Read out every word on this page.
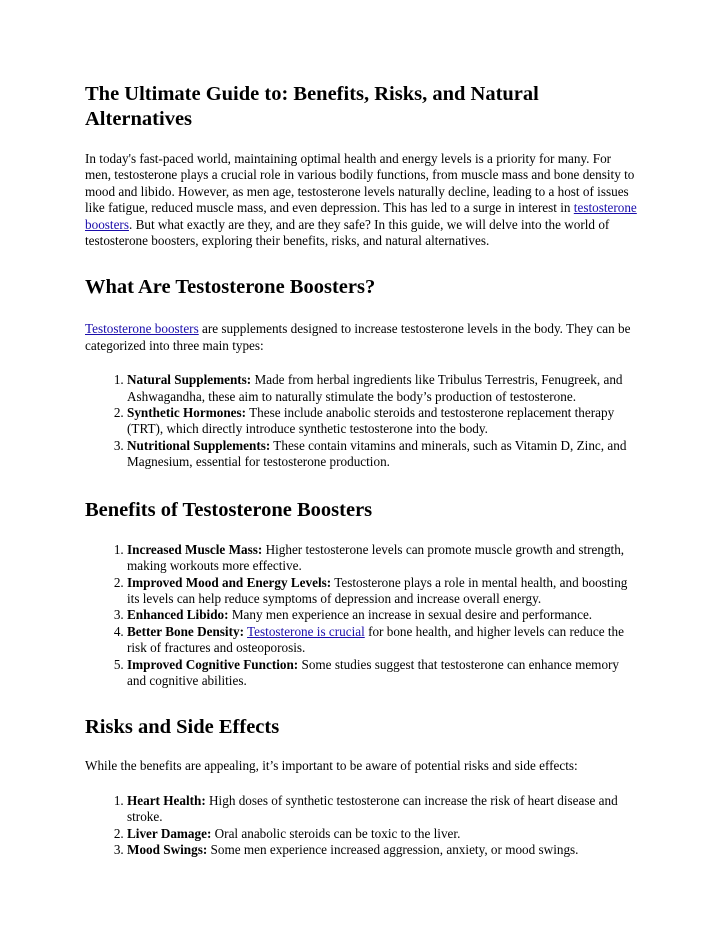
The Ultimate Guide to: Benefits, Risks, and Natural Alternatives

In today's fast-paced world, maintaining optimal health and energy levels is a priority for many. For men, testosterone plays a crucial role in various bodily functions, from muscle mass and bone density to mood and libido. However, as men age, testosterone levels naturally decline, leading to a host of issues like fatigue, reduced muscle mass, and even depression. This has led to a surge in interest in testosterone boosters. But what exactly are they, and are they safe? In this guide, we will delve into the world of testosterone boosters, exploring their benefits, risks, and natural alternatives.

What Are Testosterone Boosters?

Testosterone boosters are supplements designed to increase testosterone levels in the body. They can be categorized into three main types:

1. Natural Supplements: Made from herbal ingredients like Tribulus Terrestris, Fenugreek, and Ashwagandha, these aim to naturally stimulate the body’s production of testosterone.
2. Synthetic Hormones: These include anabolic steroids and testosterone replacement therapy (TRT), which directly introduce synthetic testosterone into the body.
3. Nutritional Supplements: These contain vitamins and minerals, such as Vitamin D, Zinc, and Magnesium, essential for testosterone production.
Benefits of Testosterone Boosters
1. Increased Muscle Mass: Higher testosterone levels can promote muscle growth and strength, making workouts more effective.
2. Improved Mood and Energy Levels: Testosterone plays a role in mental health, and boosting its levels can help reduce symptoms of depression and increase overall energy.
3. Enhanced Libido: Many men experience an increase in sexual desire and performance.
4. Better Bone Density: Testosterone is crucial for bone health, and higher levels can reduce the risk of fractures and osteoporosis.
5. Improved Cognitive Function: Some studies suggest that testosterone can enhance memory and cognitive abilities.
Risks and Side Effects

While the benefits are appealing, it’s important to be aware of potential risks and side effects:

1. Heart Health: High doses of synthetic testosterone can increase the risk of heart disease and stroke.
2. Liver Damage: Oral anabolic steroids can be toxic to the liver.
3. Mood Swings: Some men experience increased aggression, anxiety, or mood swings.
